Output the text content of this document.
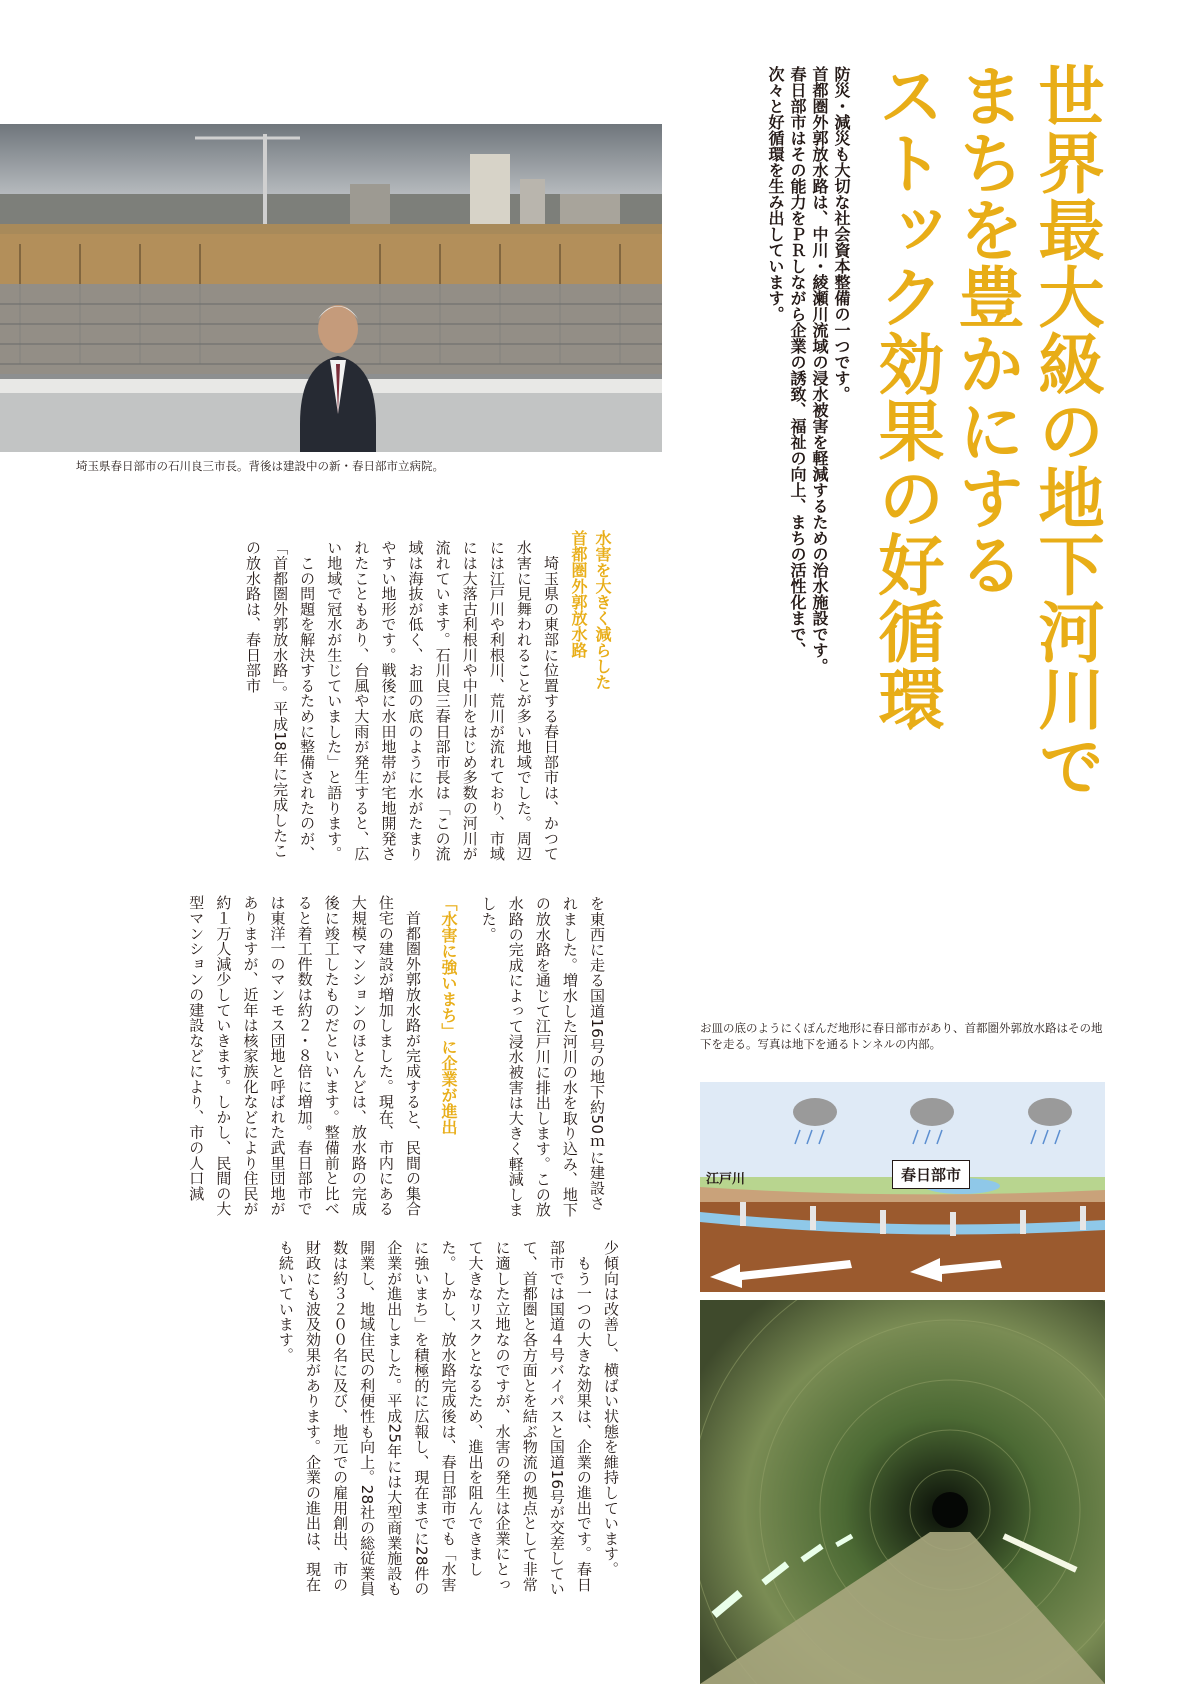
世界最大級の地下河川で
まちを豊かにする
ストック効果の好循環
防災・減災も大切な社会資本整備の一つです。
首都圏外郭放水路は、中川・綾瀬川流域の浸水被害を軽減するための治水施設です。
春日部市はその能力をＰＲしながら企業の誘致、福祉の向上、まちの活性化まで、
次々と好循環を生み出しています。
埼玉県春日部市の石川良三市長。背後は建設中の新・春日部市立病院。
水害を大きく減らした
首都圏外郭放水路
　埼玉県の東部に位置する春日部市は、かつて水害に見舞われることが多い地域でした。周辺には江戸川や利根川、荒川が流れており、市域には大落古利根川や中川をはじめ多数の河川が流れています。石川良三春日部市長は「この流域は海抜が低く、お皿の底のように水がたまりやすい地形です。戦後に水田地帯が宅地開発されたこともあり、台風や大雨が発生すると、広い地域で冠水が生じていました」と語ります。
　この問題を解決するために整備されたのが、「首都圏外郭放水路」。平成18年に完成したこの放水路は、春日部市
を東西に走る国道16号の地下約50ｍに建設されました。増水した河川の水を取り込み、地下の放水路を通じて江戸川に排出します。この放水路の完成によって浸水被害は大きく軽減しました。
「水害に強いまち」に企業が進出
　首都圏外郭放水路が完成すると、民間の集合住宅の建設が増加しました。現在、市内にある大規模マンションのほとんどは、放水路の完成後に竣工したものだといいます。整備前と比べると着工件数は約２・８倍に増加。春日部市では東洋一のマンモス団地と呼ばれた武里団地がありますが、近年は核家族化などにより住民が約１万人減少していきます。しかし、民間の大型マンションの建設などにより、市の人口減
少傾向は改善し、横ばい状態を維持しています。
　もう一つの大きな効果は、企業の進出です。春日部市では国道４号バイパスと国道16号が交差していて、首都圏と各方面とを結ぶ物流の拠点として非常に適した立地なのですが、水害の発生は企業にとって大きなリスクとなるため、進出を阻んできました。しかし、放水路完成後は、春日部市でも「水害に強いまち」を積極的に広報し、現在までに28件の企業が進出しました。平成25年には大型商業施設も開業し、地域住民の利便性も向上。28社の総従業員数は約３２００名に及び、地元での雇用創出、市の財政にも波及効果があります。企業の進出は、現在も続いています。
お皿の底のようにくぼんだ地形に春日部市があり、首都圏外郭放水路はその地下を走る。写真は地下を通るトンネルの内部。
春日部市
江戸川
